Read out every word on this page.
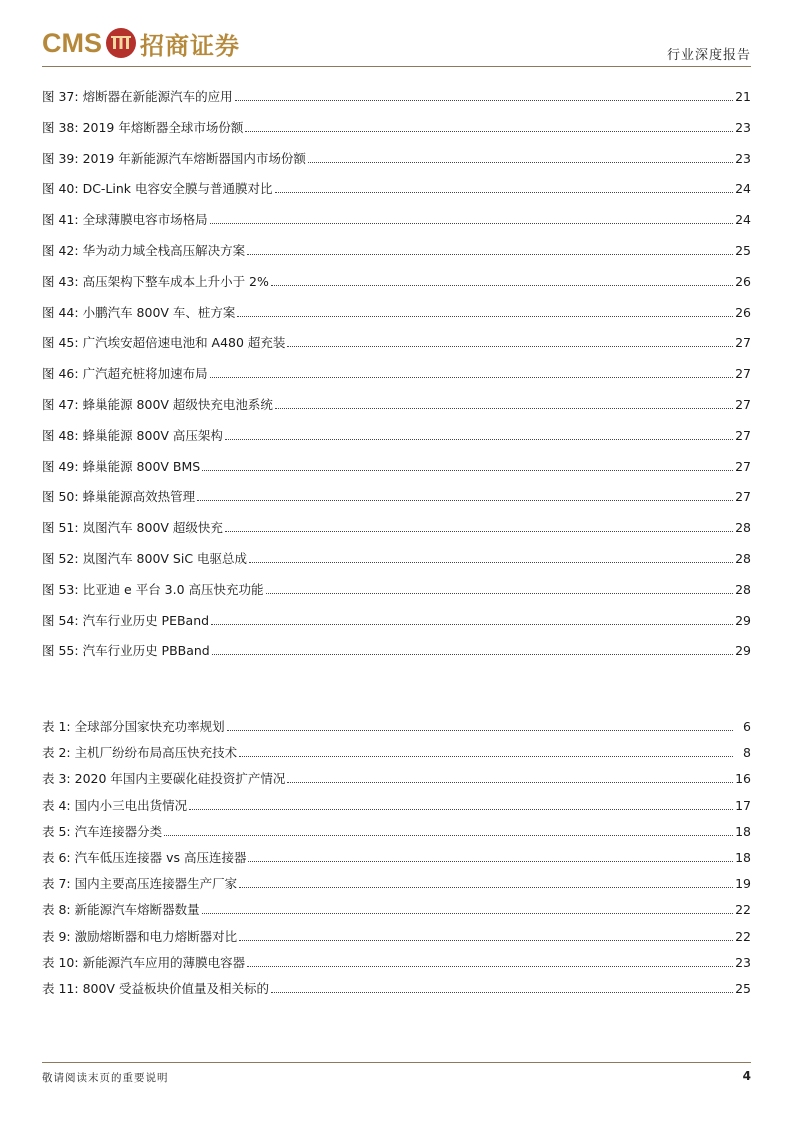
CMS 招商证券	行业深度报告
图 37: 熔断器在新能源汽车的应用	21
图 38: 2019 年熔断器全球市场份额	23
图 39: 2019 年新能源汽车熔断器国内市场份额	23
图 40: DC-Link 电容安全膜与普通膜对比	24
图 41: 全球薄膜电容市场格局	24
图 42: 华为动力域全栈高压解决方案	25
图 43: 高压架构下整车成本上升小于 2%	26
图 44: 小鹏汽车 800V 车、桩方案	26
图 45: 广汽埃安超倍速电池和 A480 超充装	27
图 46: 广汽超充桩将加速布局	27
图 47: 蜂巢能源 800V 超级快充电池系统	27
图 48: 蜂巢能源 800V 高压架构	27
图 49: 蜂巢能源 800V BMS	27
图 50: 蜂巢能源高效热管理	27
图 51: 岚图汽车 800V 超级快充	28
图 52: 岚图汽车 800V SiC 电驱总成	28
图 53: 比亚迪 e 平台 3.0 高压快充功能	28
图 54: 汽车行业历史 PEBand	29
图 55: 汽车行业历史 PBBand	29
表 1: 全球部分国家快充功率规划	6
表 2: 主机厂纷纷布局高压快充技术	8
表 3: 2020 年国内主要碳化硅投资扩产情况	16
表 4: 国内小三电出货情况	17
表 5: 汽车连接器分类	18
表 6: 汽车低压连接器 vs 高压连接器	18
表 7: 国内主要高压连接器生产厂家	19
表 8: 新能源汽车熔断器数量	22
表 9: 激励熔断器和电力熔断器对比	22
表 10: 新能源汽车应用的薄膜电容器	23
表 11: 800V 受益板块价值量及相关标的	25
敬请阅读末页的重要说明	4
